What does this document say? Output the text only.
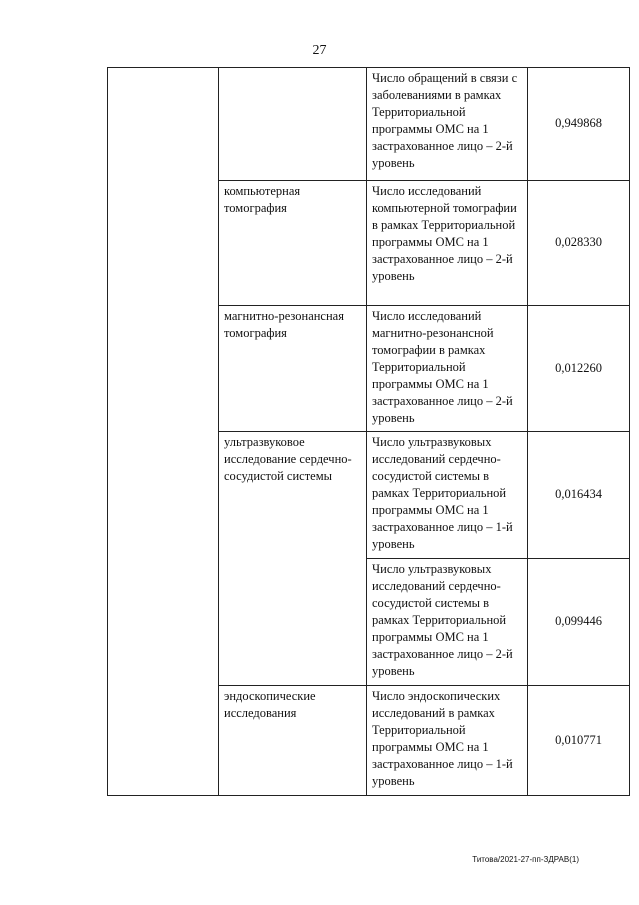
27
		Число обращений в связи с заболеваниями в рамках Территориальной программы ОМС на 1 застрахованное лицо – 2-й уровень	0,949868
	компьютерная томография	Число исследований компьютерной томографии в рамках Территориальной программы ОМС на 1 застрахованное лицо – 2-й уровень	0,028330
	магнитно-резонансная томография	Число исследований магнитно-резонансной томографии в рамках Территориальной программы ОМС на 1 застрахованное лицо – 2-й уровень	0,012260
	ультразвуковое исследование сердечно-сосудистой системы	Число ультразвуковых исследований сердечно-сосудистой системы в рамках Территориальной программы ОМС на 1 застрахованное лицо – 1-й уровень	0,016434
		Число ультразвуковых исследований сердечно-сосудистой системы в рамках Территориальной программы ОМС на 1 застрахованное лицо – 2-й уровень	0,099446
	эндоскопические исследования	Число эндоскопических исследований в рамках Территориальной программы ОМС на 1 застрахованное лицо – 1-й уровень	0,010771
Титова/2021-27-пп-ЗДРАВ(1)
